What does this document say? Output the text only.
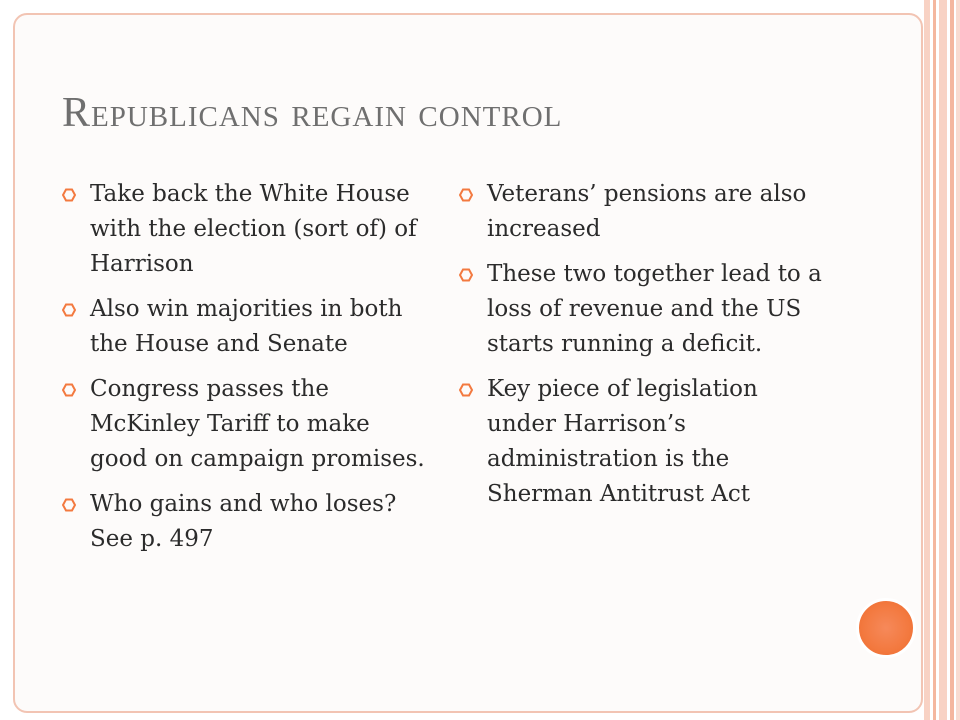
Republicans regain control
Take back the White House with the election (sort of) of Harrison
Also win majorities in both the House and Senate
Congress passes the McKinley Tariff to make good on campaign promises.
Who gains and who loses? See p. 497
Veterans’ pensions are also increased
These two together lead to a loss of revenue and the US starts running a deficit.
Key piece of legislation under Harrison’s administration is the Sherman Antitrust Act
